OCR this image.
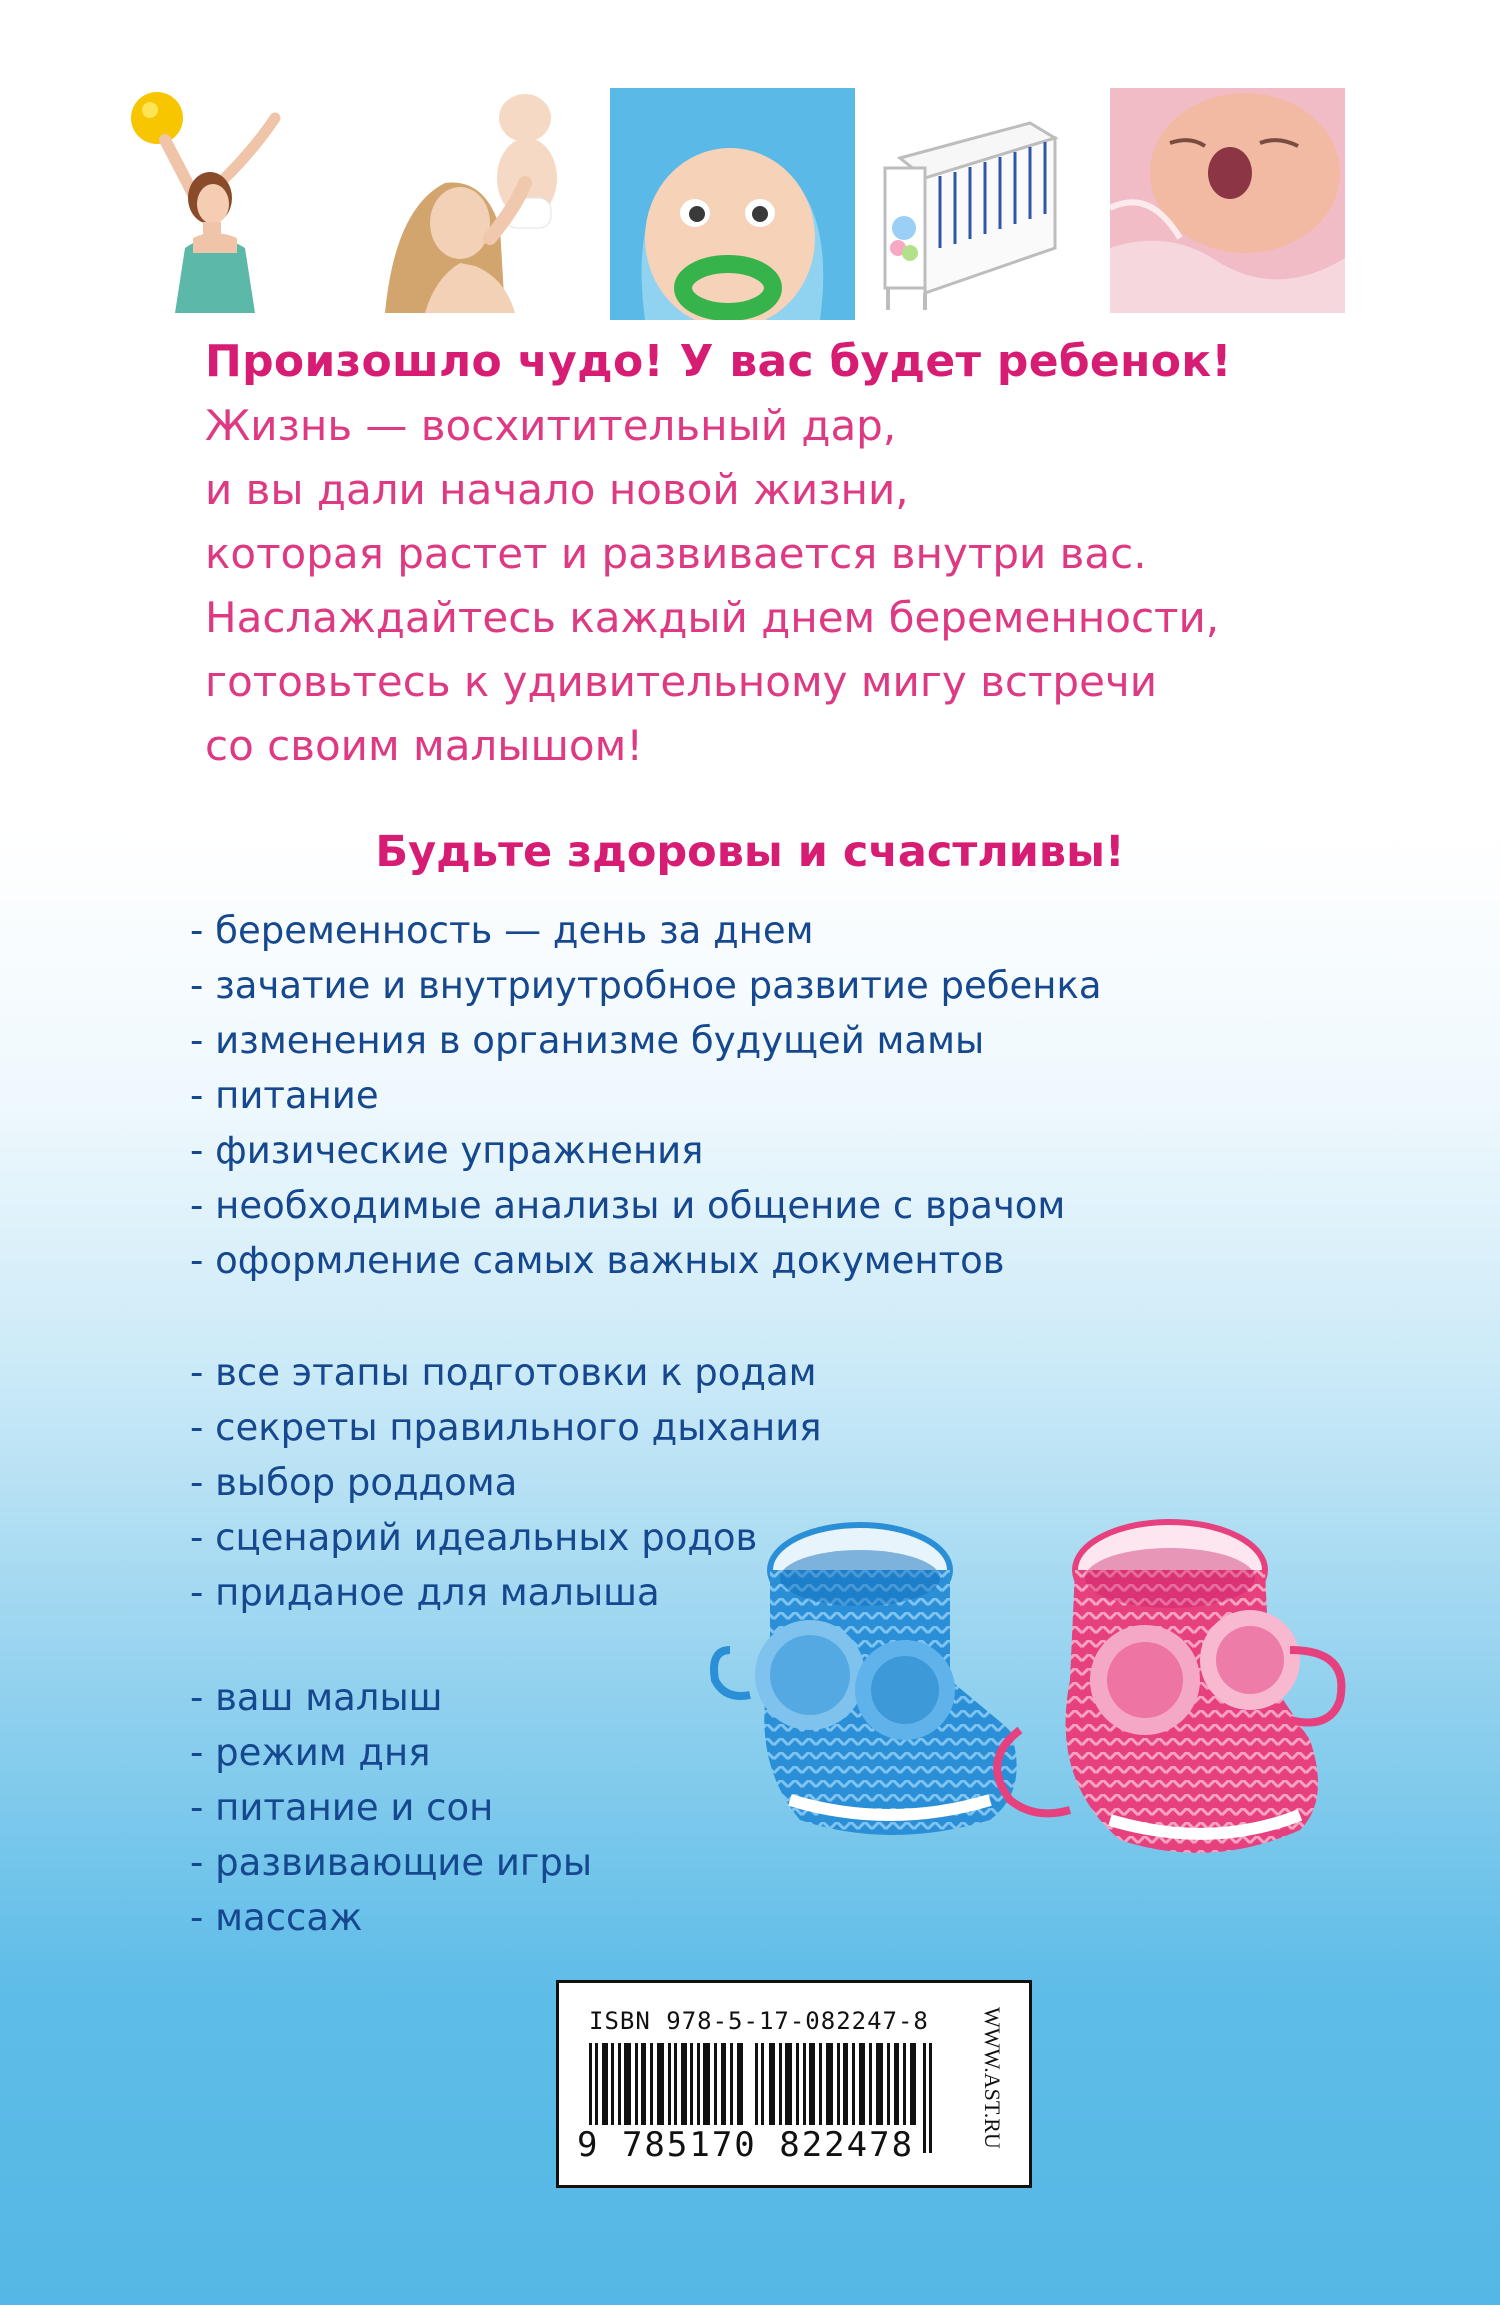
Произошло чудо! У вас будет ребенок!

Жизнь — восхитительный дар,

и вы дали начало новой жизни,

которая растет и развивается внутри вас.

Наслаждайтесь каждый днем беременности,

готовьтесь к удивительному мигу встречи

со своим малышом!

Будьте здоровы и счастливы!
- беременность — день за днем
- зачатие и внутриутробное развитие ребенка
- изменения в организме будущей мамы
- питание
- физические упражнения
- необходимые анализы и общение с врачом
- оформление самых важных документов
- все этапы подготовки к родам
- секреты правильного дыхания
- выбор роддома
- сценарий идеальных родов
- приданое для малыша
- ваш малыш
- режим дня
- питание и сон
- развивающие игры
- массаж
ISBN 978-5-17-082247-8
9 785170 822478	WWW.AST.RU
